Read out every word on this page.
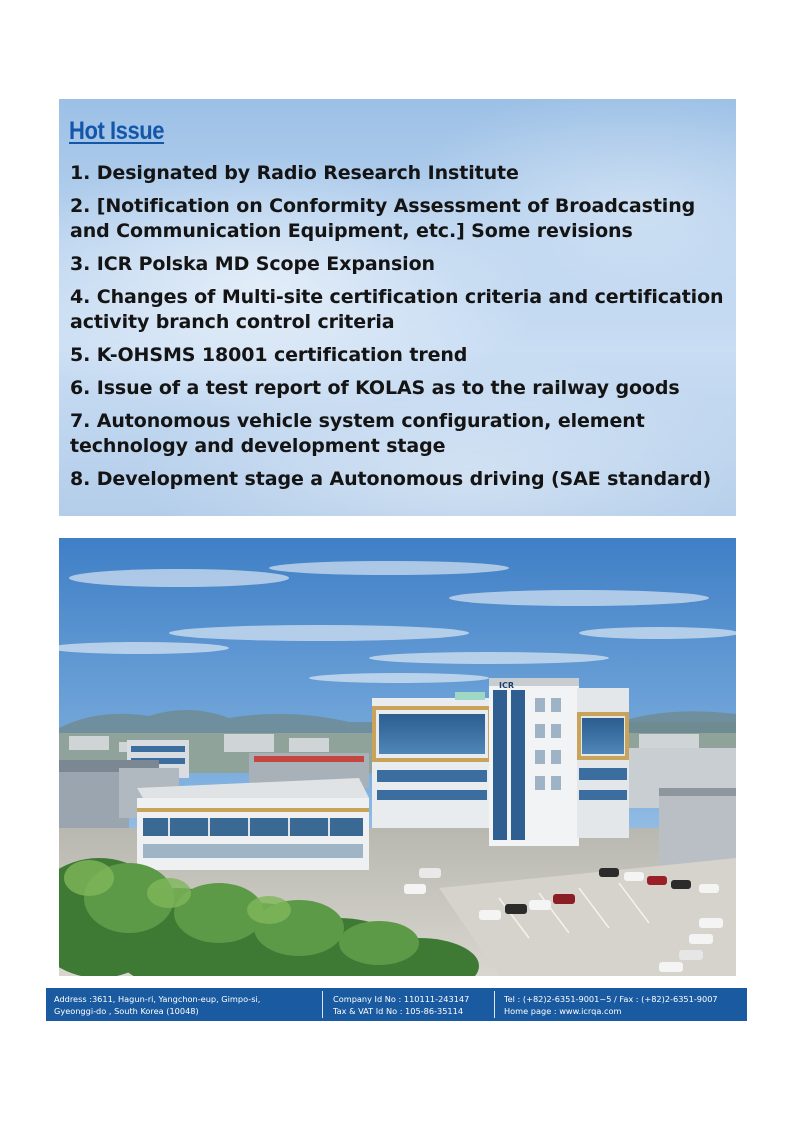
Hot Issue
1. Designated by Radio Research Institute
2. [Notification on Conformity Assessment of Broadcasting and Communication Equipment, etc.] Some revisions
3. ICR Polska MD Scope Expansion
4. Changes of Multi-site certification criteria and certification activity branch control criteria
5. K-OHSMS 18001 certification trend
6. Issue of a test report of KOLAS as to the railway goods
7. Autonomous vehicle system configuration, element technology and development stage
8. Development stage a Autonomous driving (SAE standard)
ICR
Address :3611, Hagun-ri, Yangchon-eup, Gimpo-si,
Gyeonggi-do , South Korea (10048)
Company Id No : 110111-243147
Tax & VAT Id No : 105-86-35114
Tel : (+82)2-6351-9001~5 / Fax : (+82)2-6351-9007
Home page : www.icrqa.com
